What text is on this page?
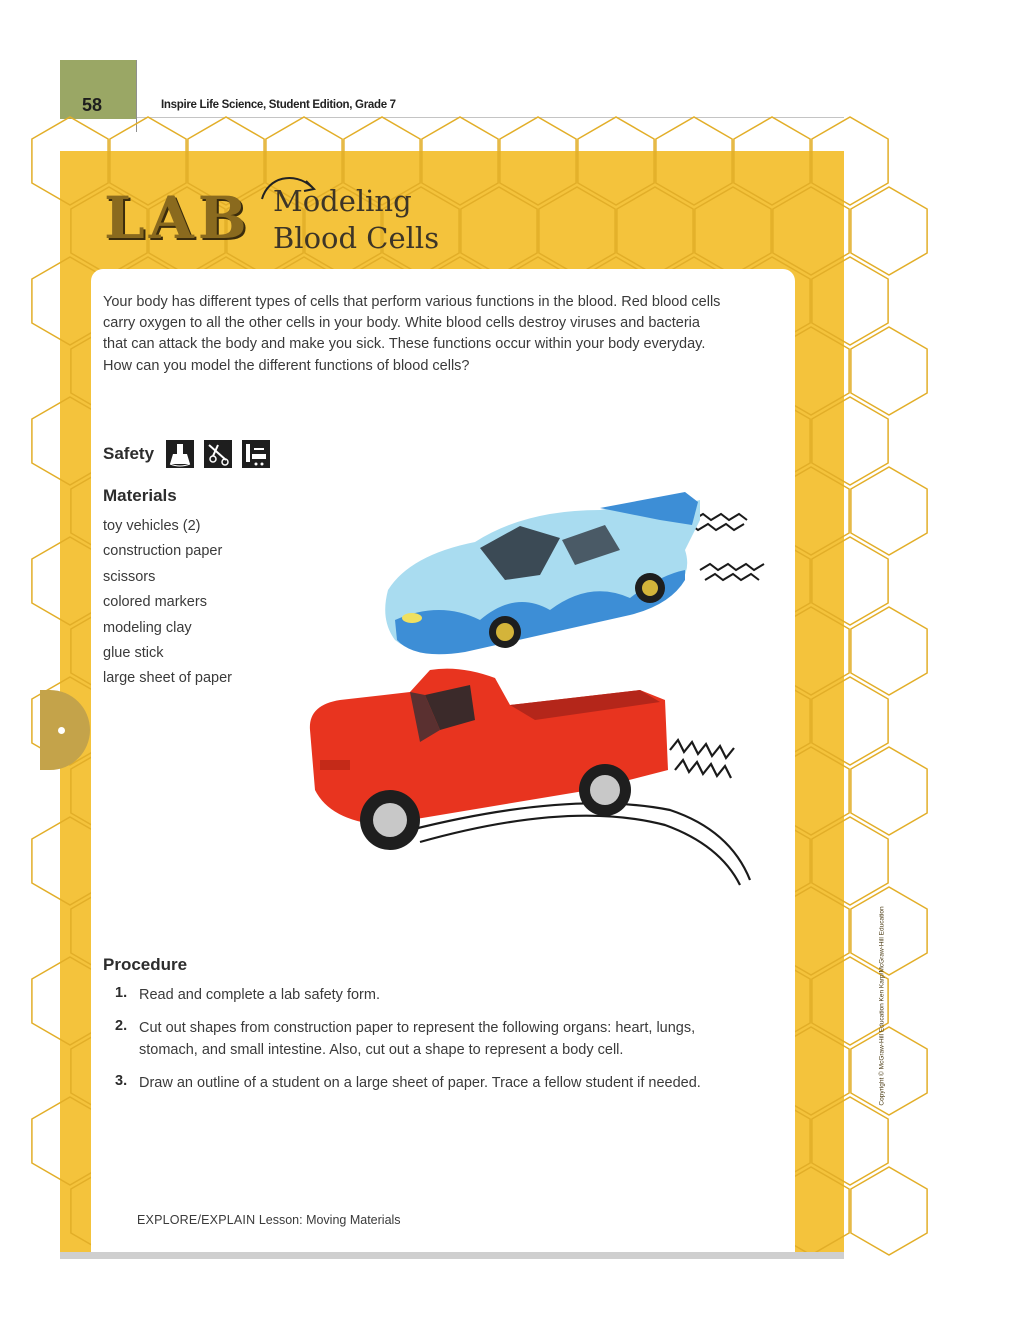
58	Inspire Life Science, Student Edition, Grade 7
LAB Modeling
Blood Cells
Copyright © McGraw-Hill Education Ken Karp/McGraw-Hill Education
Your body has different types of cells that perform various functions in the blood. Red blood cells carry oxygen to all the other cells in your body. White blood cells destroy viruses and bacteria that can attack the body and make you sick. These functions occur within your body everyday. How can you model the different functions of blood cells?
Safety
Materials
toy vehicles (2)
construction paper
scissors
colored markers
modeling clay
glue stick
large sheet of paper
Procedure
1. Read and complete a lab safety form.
2. Cut out shapes from construction paper to represent the following organs: heart, lungs, stomach, and small intestine. Also, cut out a shape to represent a body cell.
3. Draw an outline of a student on a large sheet of paper. Trace a fellow student if needed.
EXPLORE/EXPLAIN Lesson: Moving Materials
